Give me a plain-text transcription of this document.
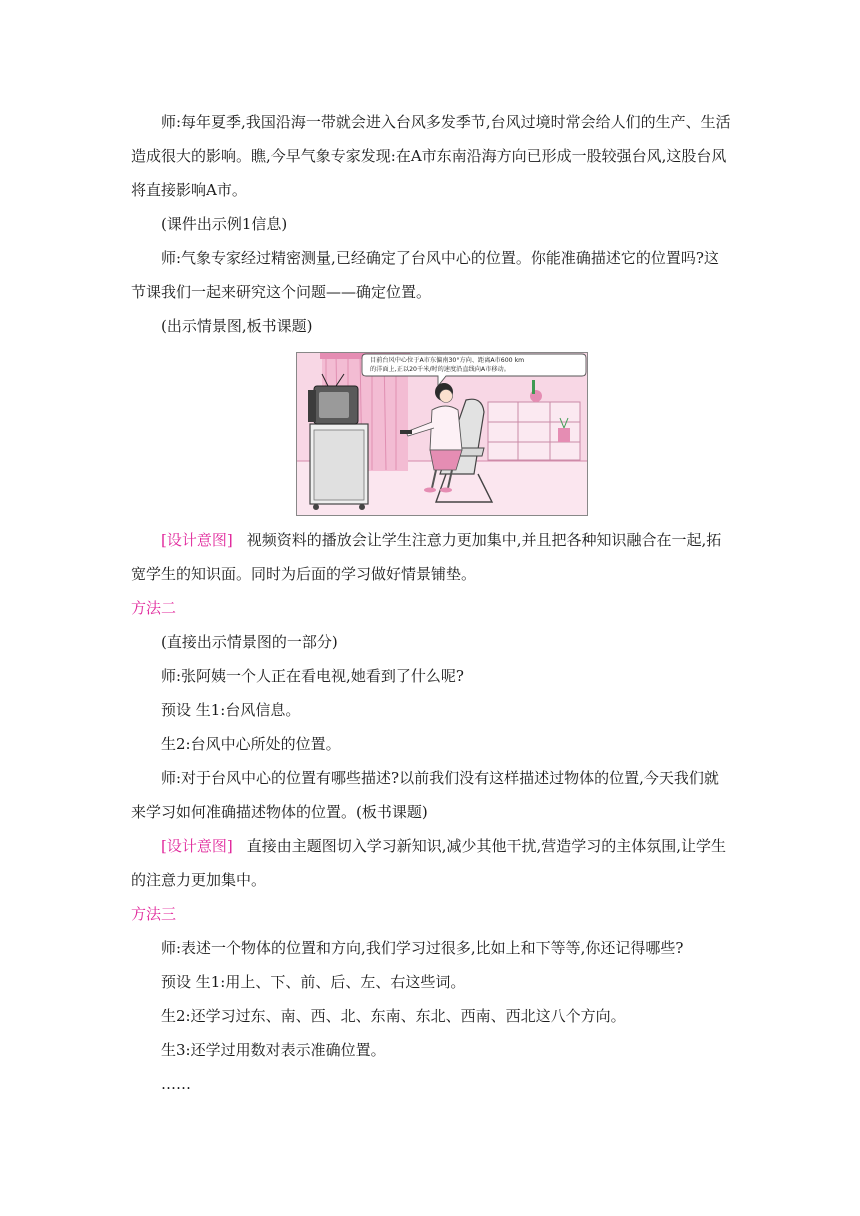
师:每年夏季,我国沿海一带就会进入台风多发季节,台风过境时常会给人们的生产、生活造成很大的影响。瞧,今早气象专家发现:在A市东南沿海方向已形成一股较强台风,这股台风将直接影响A市。

(课件出示例1信息)

师:气象专家经过精密测量,已经确定了台风中心的位置。你能准确描述它的位置吗?这节课我们一起来研究这个问题——确定位置。

(出示情景图,板书课题)

目前台风中心位于A市东偏南30°方向、距离A市600 km
的洋面上,正以20千米/时的速度沿直线向A市移动。

[设计意图] 视频资料的播放会让学生注意力更加集中,并且把各种知识融合在一起,拓宽学生的知识面。同时为后面的学习做好情景铺垫。

方法二

(直接出示情景图的一部分)

师:张阿姨一个人正在看电视,她看到了什么呢?

预设 生1:台风信息。

生2:台风中心所处的位置。

师:对于台风中心的位置有哪些描述?以前我们没有这样描述过物体的位置,今天我们就来学习如何准确描述物体的位置。(板书课题)

[设计意图] 直接由主题图切入学习新知识,减少其他干扰,营造学习的主体氛围,让学生的注意力更加集中。

方法三

师:表述一个物体的位置和方向,我们学习过很多,比如上和下等等,你还记得哪些?

预设 生1:用上、下、前、后、左、右这些词。

生2:还学习过东、南、西、北、东南、东北、西南、西北这八个方向。

生3:还学过用数对表示准确位置。

……
